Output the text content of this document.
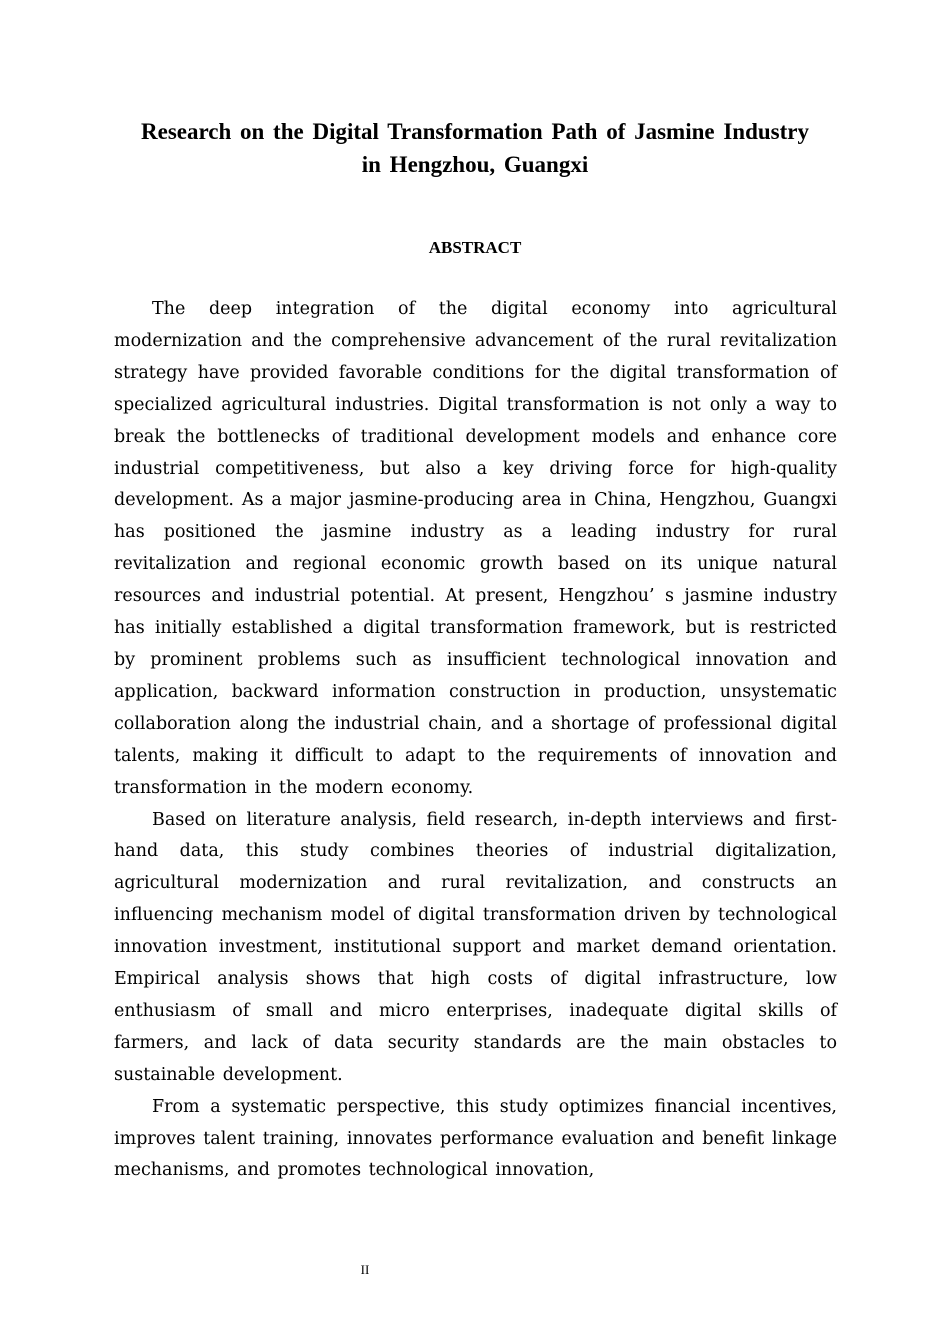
Research on the Digital Transformation Path of Jasmine Industry in Hengzhou, Guangxi
ABSTRACT

The deep integration of the digital economy into agricultural modernization and the comprehensive advancement of the rural revitalization strategy have provided favorable conditions for the digital transformation of specialized agricultural industries. Digital transformation is not only a way to break the bottlenecks of traditional development models and enhance core industrial competitiveness, but also a key driving force for high-quality development. As a major jasmine-producing area in China, Hengzhou, Guangxi has positioned the jasmine industry as a leading industry for rural revitalization and regional economic growth based on its unique natural resources and industrial potential. At present, Hengzhou’ s jasmine industry has initially established a digital transformation framework, but is restricted by prominent problems such as insufficient technological innovation and application, backward information construction in production, unsystematic collaboration along the industrial chain, and a shortage of professional digital talents, making it difficult to adapt to the requirements of innovation and transformation in the modern economy.

Based on literature analysis, field research, in-depth interviews and first-hand data, this study combines theories of industrial digitalization, agricultural modernization and rural revitalization, and constructs an influencing mechanism model of digital transformation driven by technological innovation investment, institutional support and market demand orientation. Empirical analysis shows that high costs of digital infrastructure, low enthusiasm of small and micro enterprises, inadequate digital skills of farmers, and lack of data security standards are the main obstacles to sustainable development.

From a systematic perspective, this study optimizes financial incentives, improves talent training, innovates performance evaluation and benefit linkage mechanisms, and promotes technological innovation,

II
